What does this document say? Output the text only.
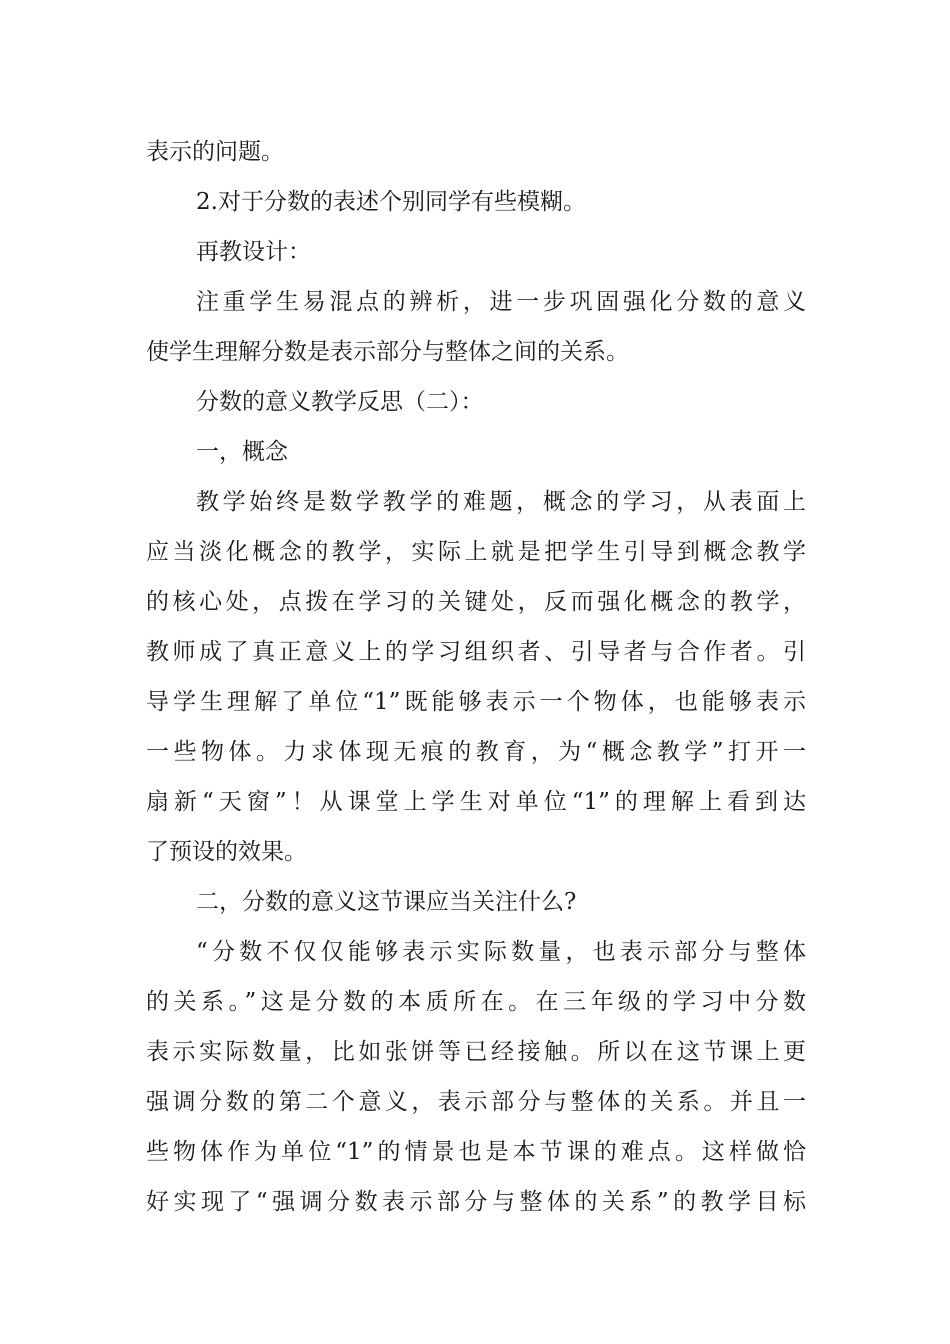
表示的问题。
2.对于分数的表述个别同学有些模糊。
再教设计：
注重学生易混点的辨析，进一步巩固强化分数的意义
使学生理解分数是表示部分与整体之间的关系。
分数的意义教学反思（二）：
一，概念
教学始终是数学教学的难题，概念的学习，从表面上
应当淡化概念的教学，实际上就是把学生引导到概念教学
的核心处，点拨在学习的关键处，反而强化概念的教学，
教师成了真正意义上的学习组织者、引导者与合作者。引
导学生理解了单位“1”既能够表示一个物体，也能够表示
一些物体。力求体现无痕的教育，为“概念教学”打开一
扇新“天窗”！从课堂上学生对单位“1”的理解上看到达
了预设的效果。
二，分数的意义这节课应当关注什么?
“分数不仅仅能够表示实际数量，也表示部分与整体
的关系。”这是分数的本质所在。在三年级的学习中分数
表示实际数量，比如张饼等已经接触。所以在这节课上更
强调分数的第二个意义，表示部分与整体的关系。并且一
些物体作为单位“1”的情景也是本节课的难点。这样做恰
好实现了“强调分数表示部分与整体的关系”的教学目标
